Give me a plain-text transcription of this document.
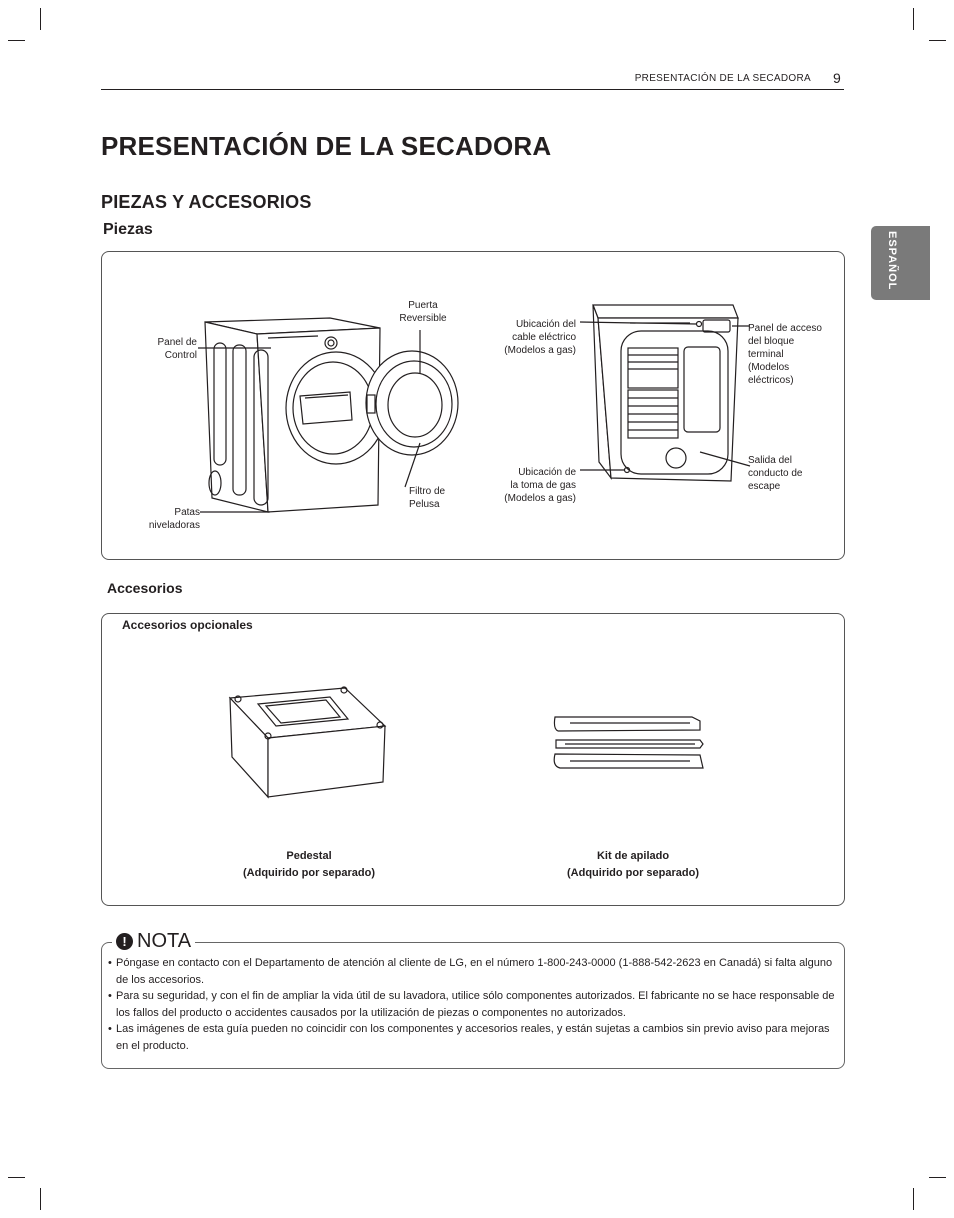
PRESENTACIÓN DE LA SECADORA 9
ESPAÑOL
PRESENTACIÓN DE LA SECADORA
PIEZAS Y ACCESORIOS
Piezas
Panel de
Control
Puerta
Reversible
Filtro de
Pelusa
Patas
niveladoras
Ubicación del
cable eléctrico
(Modelos a gas)
Ubicación de
la toma de gas
(Modelos a gas)
Panel de acceso
del bloque
terminal
(Modelos
eléctricos)
Salida del
conducto de
escape
Accesorios
Accesorios opcionales
Pedestal
(Adquirido por separado)
Kit de apilado
(Adquirido por separado)
! NOTA
• Póngase en contacto con el Departamento de atención al cliente de LG, en el número 1-800-243-0000 (1-888-542-2623 en Canadá) si falta alguno de los accesorios.
• Para su seguridad, y con el fin de ampliar la vida útil de su lavadora, utilice sólo componentes autorizados. El fabricante no se hace responsable de los fallos del producto o accidentes causados por la utilización de piezas o componentes no autorizados.
• Las imágenes de esta guía pueden no coincidir con los componentes y accesorios reales, y están sujetas a cambios sin previo aviso para mejoras en el producto.
